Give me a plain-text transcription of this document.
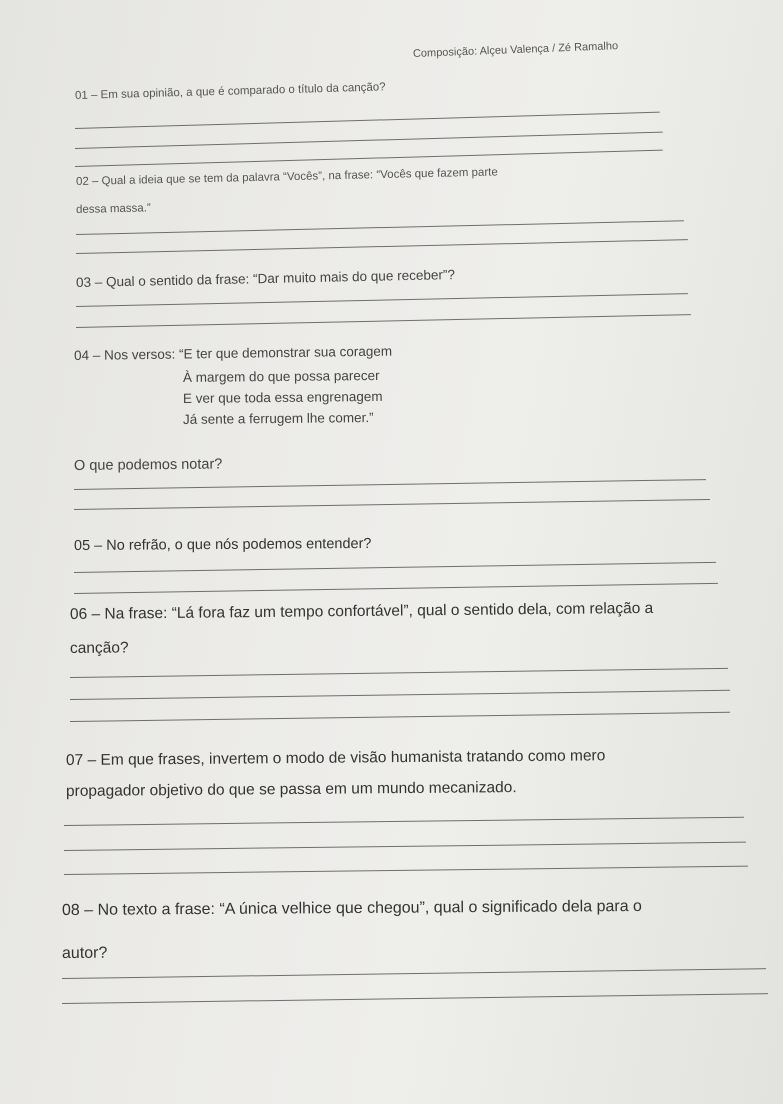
Composição: Alçeu Valença / Zé Ramalho

01 – Em sua opinião, a que é comparado o título da canção?

02 – Qual a ideia que se tem da palavra “Vocês”, na frase: “Vocês que fazem parte

dessa massa.”

03 – Qual o sentido da frase: “Dar muito mais do que receber”?

04 – Nos versos: “E ter que demonstrar sua coragem

À margem do que possa parecer

E ver que toda essa engrenagem

Já sente a ferrugem lhe comer.”

O que podemos notar?

05 – No refrão, o que nós podemos entender?

06 – Na frase: “Lá fora faz um tempo confortável”, qual o sentido dela, com relação a

canção?

07 – Em que frases, invertem o modo de visão humanista tratando como mero

propagador objetivo do que se passa em um mundo mecanizado.

08 – No texto a frase: “A única velhice que chegou”, qual o significado dela para o

autor?
